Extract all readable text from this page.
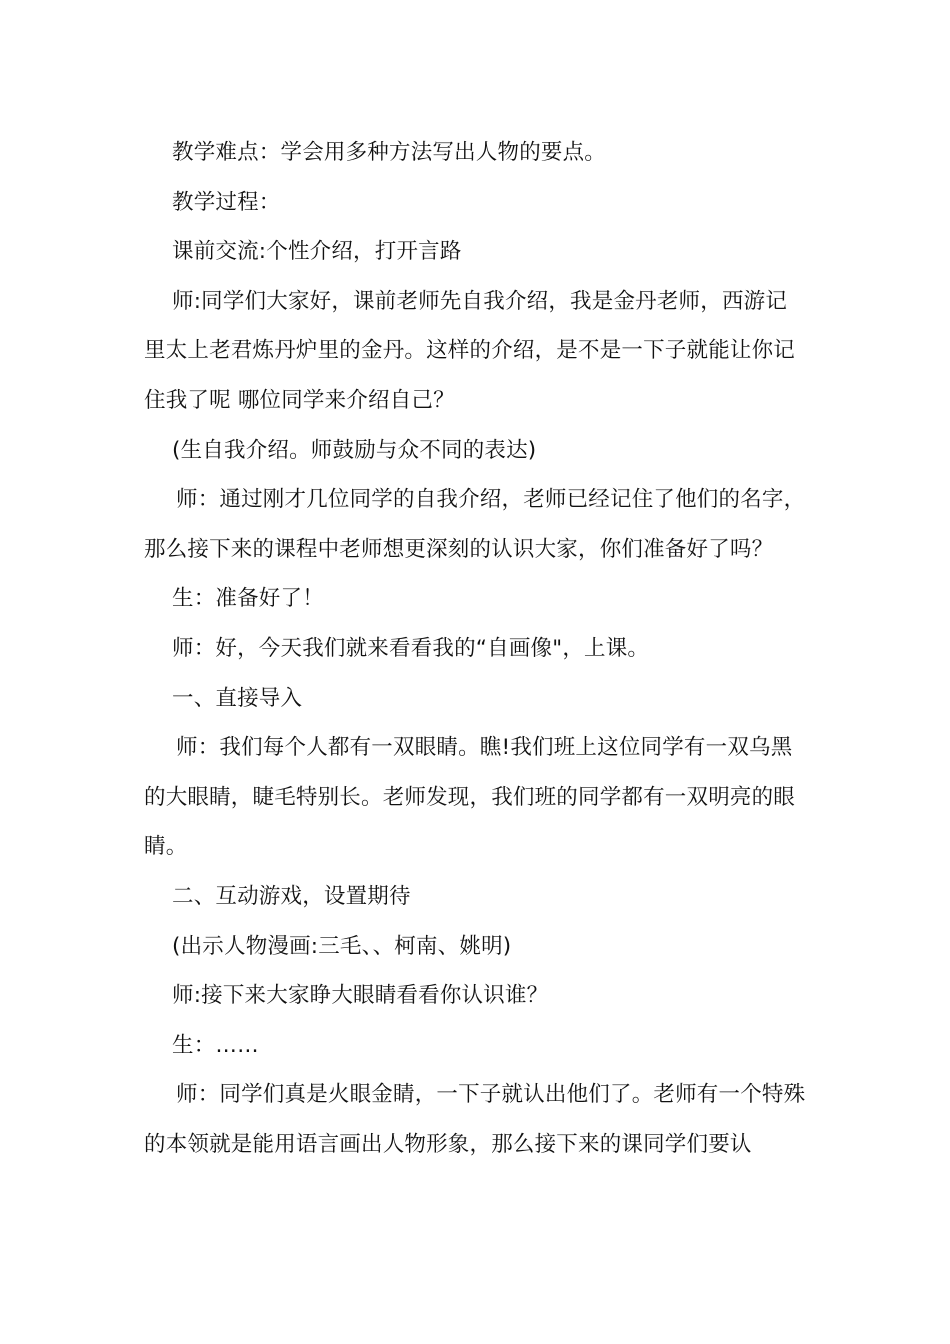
教学难点：学会用多种方法写出人物的要点。

教学过程：

课前交流:个性介绍，打开言路

师:同学们大家好，课前老师先自我介绍，我是金丹老师，西游记里太上老君炼丹炉里的金丹。这样的介绍，是不是一下子就能让你记住我了呢 哪位同学来介绍自己？

(生自我介绍。师鼓励与众不同的表达)

师：通过刚才几位同学的自我介绍，老师已经记住了他们的名字，那么接下来的课程中老师想更深刻的认识大家，你们准备好了吗？

生：准备好了！

师：好，今天我们就来看看我的“自画像"，上课。

一、直接导入

师：我们每个人都有一双眼睛。瞧!我们班上这位同学有一双乌黑的大眼睛，睫毛特别长。老师发现，我们班的同学都有一双明亮的眼睛。

二、互动游戏，设置期待

(出示人物漫画:三毛、、柯南、姚明)

师:接下来大家睁大眼睛看看你认识谁？

生：……

师：同学们真是火眼金睛，一下子就认出他们了。老师有一个特殊的本领就是能用语言画出人物形象，那么接下来的课同学们要认
